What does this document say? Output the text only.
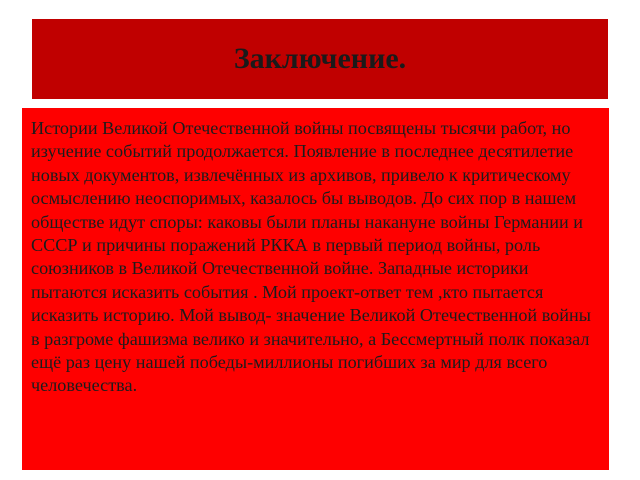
Заключение.

Истории Великой Отечественной войны посвящены тысячи работ, но изучение событий продолжается. Появление в последнее десятилетие новых документов, извлечённых из архивов, привело к критическому осмыслению неоспоримых, казалось бы выводов. До сих пор в нашем обществе идут споры: каковы были планы накануне войны Германии и СССР и причины поражений РККА в первый период войны, роль союзников в Великой Отечественной войне. Западные историки пытаются исказить события . Мой проект-ответ тем ,кто пытается исказить историю. Мой вывод- значение Великой Отечественной войны в разгроме фашизма велико и значительно, а Бессмертный полк показал ещё раз цену нашей победы-миллионы погибших за мир для всего человечества.
